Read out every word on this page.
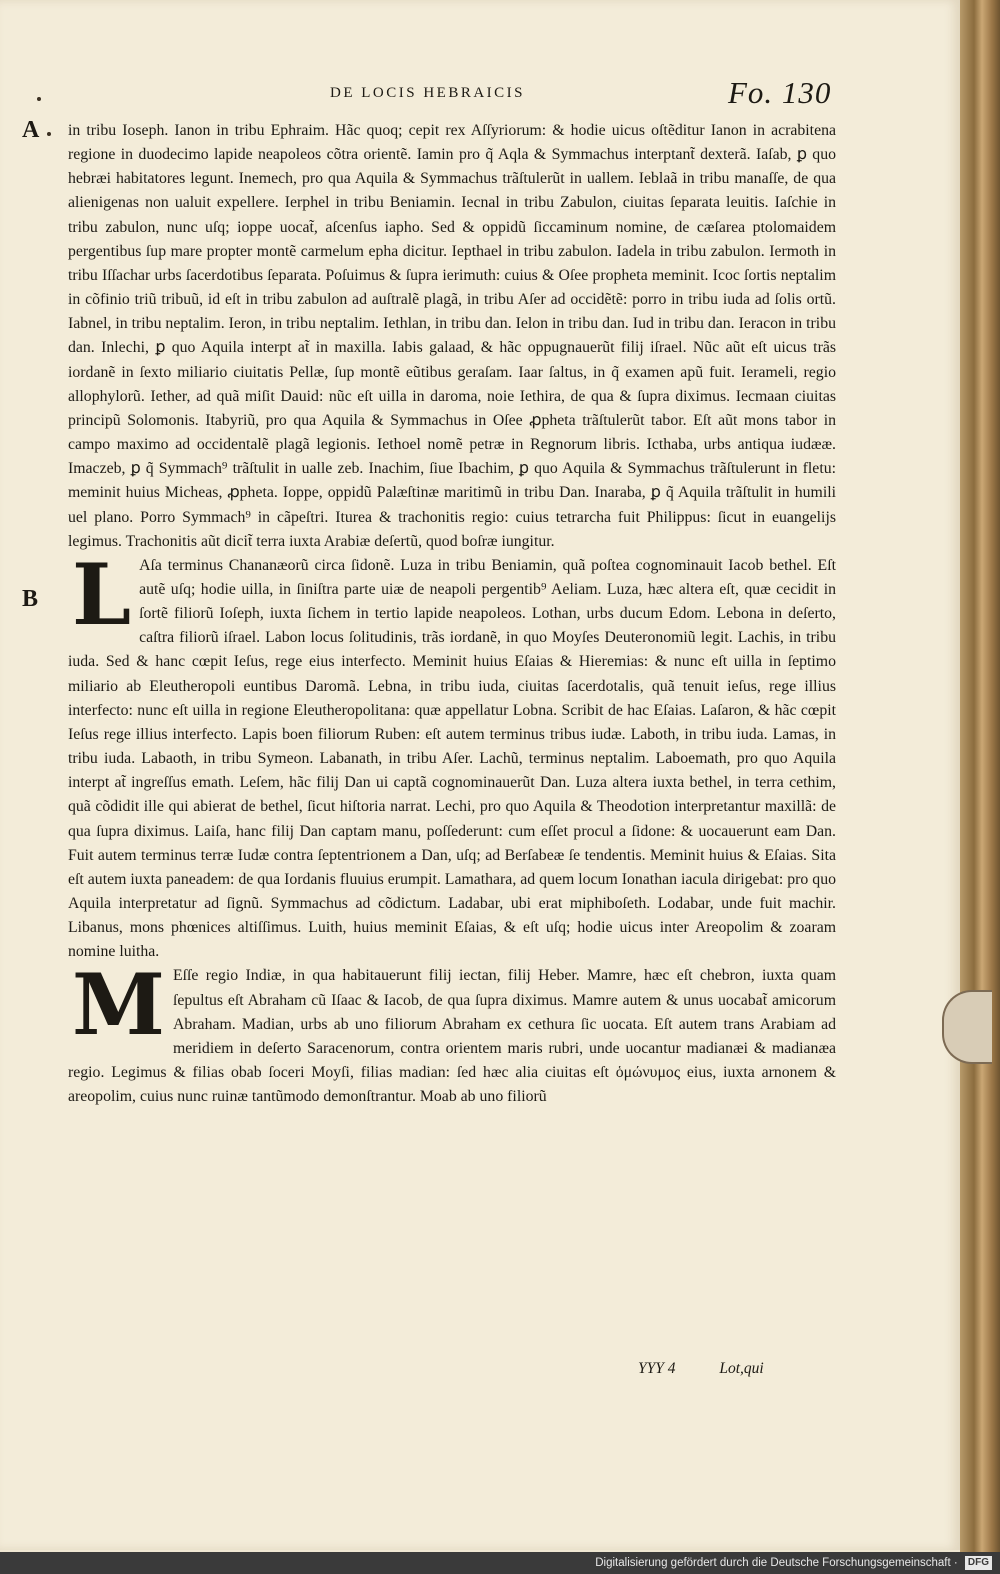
DE LOCIS HEBRAICIS	Fo. 130
A
B

in tribu Ioseph. Ianon in tribu Ephraim. Hãc quoq; cepit rex Aſſyriorum: & hodie uicus oſtẽditur Ianon in acrabitena regione in duodecimo lapide neapoleos cõtra orientẽ. Iamin pro q̃ Aqla & Symmachus interptant̃ dexterã. Iaſab, ꝑ quo hebræi habitatores legunt. Inemech, pro qua Aquila & Symmachus trãſtulerũt in uallem. Ieblaã in tribu manaſſe, de qua alienigenas non ualuit expellere. Ierphel in tribu Beniamin. Iecnal in tribu Zabulon, ciuitas ſeparata leuitis. Iaſchie in tribu zabulon, nunc uſq; ioppe uocat̃, aſcenſus iapho. Sed & oppidũ ſiccaminum nomine, de cæſarea ptolomaidem pergentibus ſup mare propter montẽ carmelum epha dicitur. Iepthael in tribu zabulon. Iadela in tribu zabulon. Iermoth in tribu Iſſachar urbs ſacerdotibus ſeparata. Poſuimus & ſupra ierimuth: cuius & Oſee propheta meminit. Icoc ſortis neptalim in cõfinio triũ tribuũ, id eſt in tribu zabulon ad auſtralẽ plagã, in tribu Aſer ad occidẽtẽ: porro in tribu iuda ad ſolis ortũ. Iabnel, in tribu neptalim. Ieron, in tribu neptalim. Iethlan, in tribu dan. Ielon in tribu dan. Iud in tribu dan. Ieracon in tribu dan. Inlechi, ꝑ quo Aquila interpt at̃ in maxilla. Iabis galaad, & hãc oppugnauerũt filij iſrael. Nũc aũt eſt uicus trãs iordanẽ in ſexto miliario ciuitatis Pellæ, ſup montẽ eũtibus geraſam. Iaar ſaltus, in q̃ examen apũ fuit. Ierameli, regio allophylorũ. Iether, ad quã miſit Dauid: nũc eſt uilla in daroma, noie Iethira, de qua & ſupra diximus. Iecmaan ciuitas principũ Solomonis. Itabyriũ, pro qua Aquila & Symmachus in Oſee ꝓpheta trãſtulerũt tabor. Eſt aũt mons tabor in campo maximo ad occidentalẽ plagã legionis. Iethoel nomẽ petræ in Regnorum libris. Icthaba, urbs antiqua iudææ. Imaczeb, ꝑ q̃ Symmach⁹ trãſtulit in ualle zeb. Inachim, ſiue Ibachim, ꝑ quo Aquila & Symmachus trãſtulerunt in fletu: meminit huius Micheas, ꝓpheta. Ioppe, oppidũ Palæſtinæ maritimũ in tribu Dan. Inaraba, ꝑ q̃ Aquila trãſtulit in humili uel plano. Porro Symmach⁹ in cãpeſtri. Iturea & trachonitis regio: cuius tetrarcha fuit Philippus: ſicut in euangelijs legimus. Trachonitis aũt dicit̃ terra iuxta Arabiæ deſertũ, quod boſræ iungitur.

L Aſa terminus Chananæorũ circa ſidonẽ. Luza in tribu Beniamin, quã poſtea cognominauit Iacob bethel. Eſt autẽ uſq; hodie uilla, in ſiniſtra parte uiæ de neapoli pergentib⁹ Aeliam. Luza, hæc altera eſt, quæ cecidit in ſortẽ filiorũ Ioſeph, iuxta ſichem in tertio lapide neapoleos. Lothan, urbs ducum Edom. Lebona in deſerto, caſtra filiorũ iſrael. Labon locus ſolitudinis, trãs iordanẽ, in quo Moyſes Deuteronomiũ legit. Lachis, in tribu iuda. Sed & hanc cœpit Ieſus, rege eius interfecto. Meminit huius Eſaias & Hieremias: & nunc eſt uilla in ſeptimo miliario ab Eleutheropoli euntibus Daromã. Lebna, in tribu iuda, ciuitas ſacerdotalis, quã tenuit ieſus, rege illius interfecto: nunc eſt uilla in regione Eleutheropolitana: quæ appellatur Lobna. Scribit de hac Eſaias. Laſaron, & hãc cœpit Ieſus rege illius interfecto. Lapis boen filiorum Ruben: eſt autem terminus tribus iudæ. Laboth, in tribu iuda. Lamas, in tribu iuda. Labaoth, in tribu Symeon. Labanath, in tribu Aſer. Lachũ, terminus neptalim. Laboemath, pro quo Aquila interpt at̃ ingreſſus emath. Leſem, hãc filij Dan ui captã cognominauerũt Dan. Luza altera iuxta bethel, in terra cethim, quã cõdidit ille qui abierat de bethel, ſicut hiſtoria narrat. Lechi, pro quo Aquila & Theodotion interpretantur maxillã: de qua ſupra diximus. Laiſa, hanc filij Dan captam manu, poſſederunt: cum eſſet procul a ſidone: & uocauerunt eam Dan. Fuit autem terminus terræ Iudæ contra ſeptentrionem a Dan, uſq; ad Berſabeæ ſe tendentis. Meminit huius & Eſaias. Sita eſt autem iuxta paneadem: de qua Iordanis fluuius erumpit. Lamathara, ad quem locum Ionathan iacula dirigebat: pro quo Aquila interpretatur ad ſignũ. Symmachus ad cõdictum. Ladabar, ubi erat miphiboſeth. Lodabar, unde fuit machir. Libanus, mons phœnices altiſſimus. Luith, huius meminit Eſaias, & eſt uſq; hodie uicus inter Areopolim & zoaram nomine luitha.

M Eſſe regio Indiæ, in qua habitauerunt filij iectan, filij Heber. Mamre, hæc eſt chebron, iuxta quam ſepultus eſt Abraham cũ Iſaac & Iacob, de qua ſupra diximus. Mamre autem & unus uocabat̃ amicorum Abraham. Madian, urbs ab uno filiorum Abraham ex cethura ſic uocata. Eſt autem trans Arabiam ad meridiem in deſerto Saracenorum, contra orientem maris rubri, unde uocantur madianæi & madianæa regio. Legimus & filias obab ſoceri Moyſi, filias madian: ſed hæc alia ciuitas eſt ὁμώνυμος eius, iuxta arnonem & areopolim, cuius nunc ruinæ tantũmodo demonſtrantur. Moab ab uno filiorũ

YYY 4	Lot,qui
Digitalisierung gefördert durch die Deutsche Forschungsgemeinschaft · DFG
